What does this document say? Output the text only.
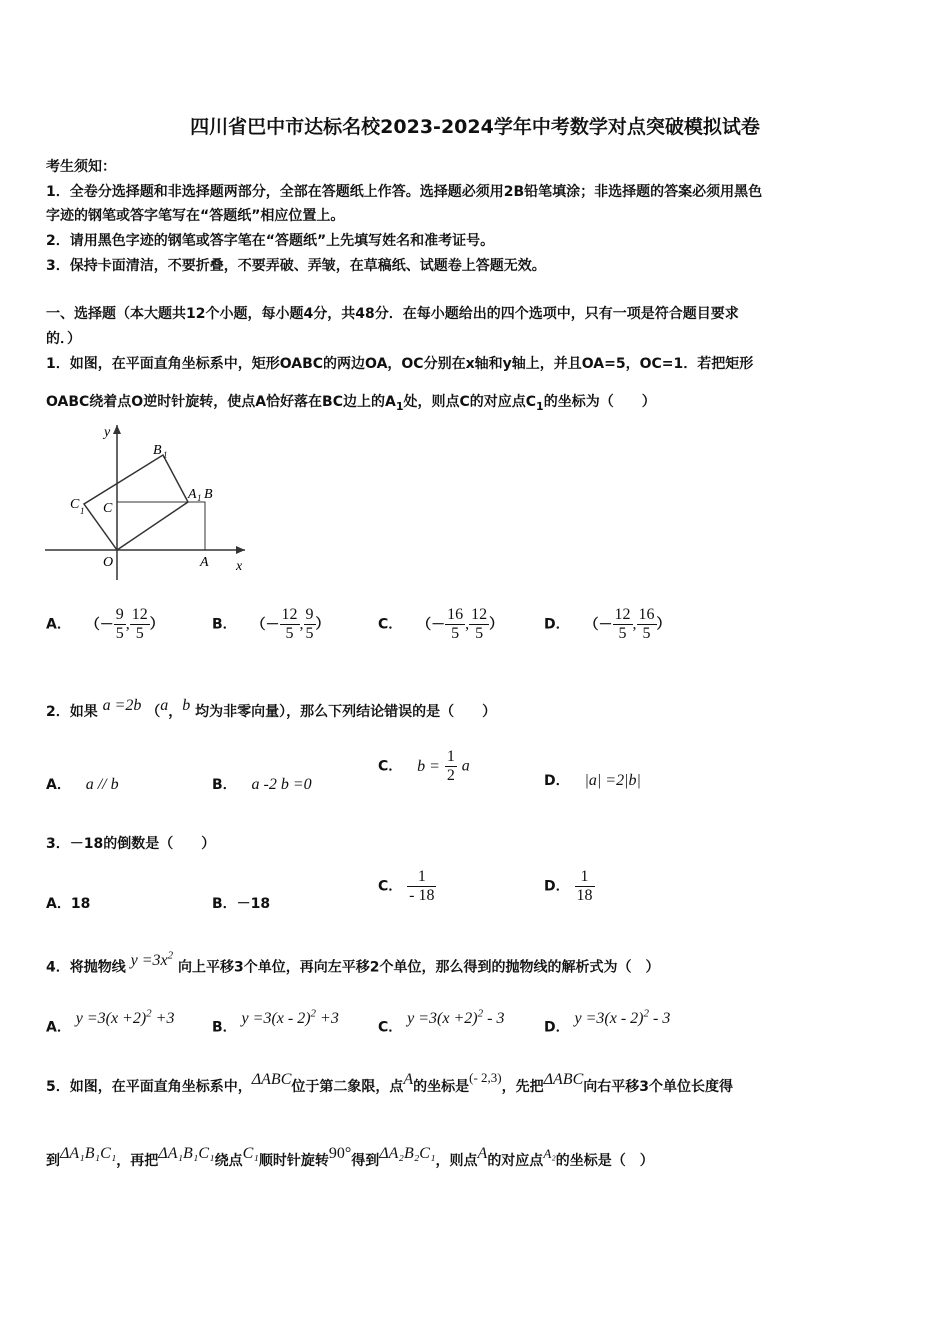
四川省巴中市达标名校2023-2024学年中考数学对点突破模拟试卷
考生须知：
1．全卷分选择题和非选择题两部分，全部在答题纸上作答。选择题必须用2B铅笔填涂；非选择题的答案必须用黑色
字迹的钢笔或答字笔写在“答题纸”相应位置上。
2．请用黑色字迹的钢笔或答字笔在“答题纸”上先填写姓名和准考证号。
3．保持卡面清洁，不要折叠，不要弄破、弄皱，在草稿纸、试题卷上答题无效。
一、选择题（本大题共12个小题，每小题4分，共48分．在每小题给出的四个选项中，只有一项是符合题目要求
的．）
1．如图，在平面直角坐标系中，矩形OABC的两边OA，OC分别在x轴和y轴上，并且OA=5，OC=1．若把矩形
OABC绕着点O逆时针旋转，使点A恰好落在BC边上的$A_1$处，则点C的对应点$C_1$的坐标为（　　）
y
x
O	A
B
C
C 1
A 1
B 1
A． （－ $\frac{9}{5}$ , $\frac{12}{5}$ ）	B． （－ $\frac{12}{5}$ , $\frac{9}{5}$ ）	C． （－ $\frac{16}{5}$ , $\frac{12}{5}$ ）	D． （－ $\frac{12}{5}$ , $\frac{16}{5}$ ）
2．如果 a =2b （a，b 均为非零向量），那么下列结论错误的是（　　）
A． a // b	B． a -2 b =0
C． $b = \frac{1}{2}$ a
D． |a| =2|b|
3．－18的倒数是（　　）
A．18	B．－18
C． $\frac{1}{- 18}$	D． $\frac{1}{18}$
4．将抛物线 $y =3x^2$ 向上平移3个单位，再向左平移2个单位，那么得到的抛物线的解析式为（　）
A． $y =3(x +2)^2 +3$	B． y =3(x - 2)$^2$ +3	C． $y =3(x +2)^2 - 3$	D． y =3(x - 2)$^2$ - 3
5．如图，在平面直角坐标系中，ΔABC位于第二象限，点A的坐标是(- 2,3)，先把ΔABC向右平移3个单位长度得
到ΔA₁B₁C₁，再把ΔA₁B₁C₁绕点C₁顺时针旋转90°得到ΔA₂B₂C₁，则点A的对应点A₂的坐标是（　）
